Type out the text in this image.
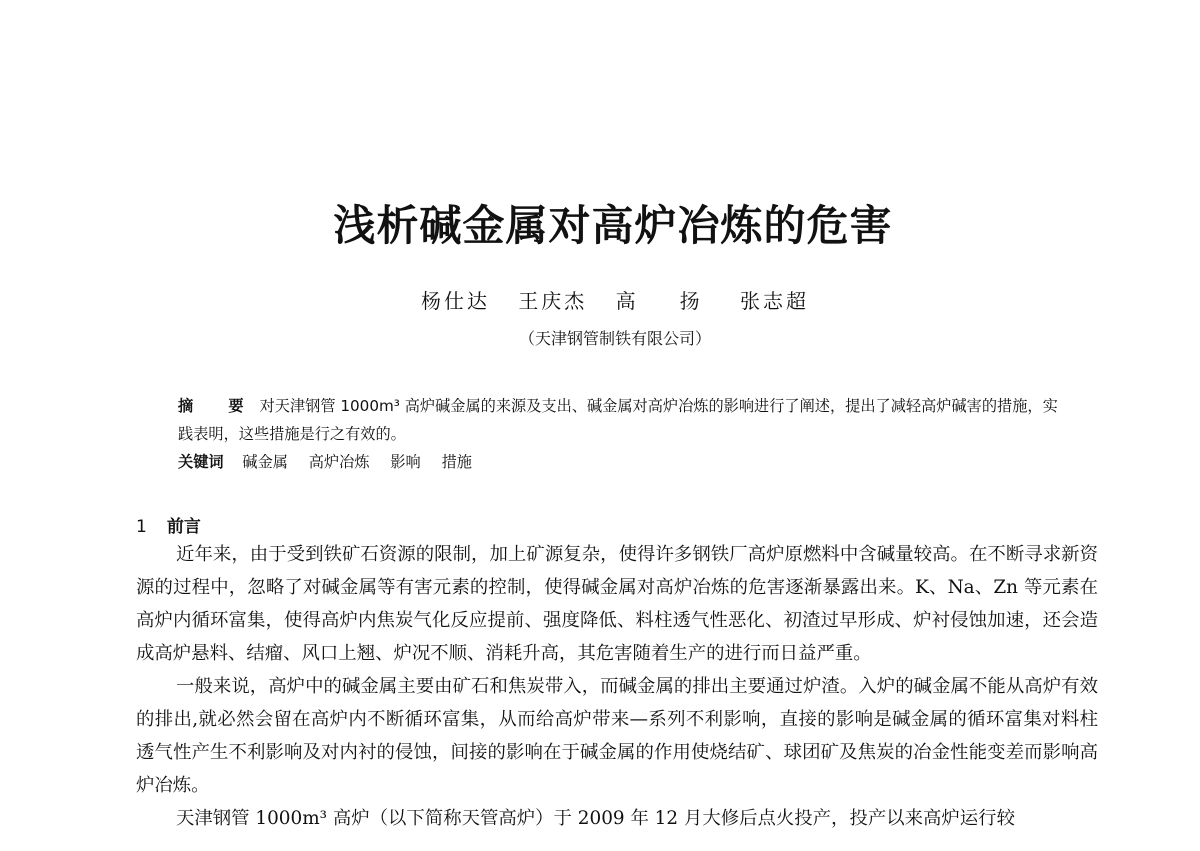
浅析碱金属对高炉冶炼的危害
杨仕达 王庆杰 高　扬 张志超
（天津钢管制铁有限公司）
摘　要 对天津钢管 1000m³ 高炉碱金属的来源及支出、碱金属对高炉冶炼的影响进行了阐述，提出了减轻高炉碱害的措施，实践表明，这些措施是行之有效的。
关键词 碱金属 高炉冶炼 影响 措施
1 前言

近年来，由于受到铁矿石资源的限制，加上矿源复杂，使得许多钢铁厂高炉原燃料中含碱量较高。在不断寻求新资源的过程中，忽略了对碱金属等有害元素的控制，使得碱金属对高炉冶炼的危害逐渐暴露出来。K、Na、Zn 等元素在高炉内循环富集，使得高炉内焦炭气化反应提前、强度降低、料柱透气性恶化、初渣过早形成、炉衬侵蚀加速，还会造成高炉悬料、结瘤、风口上翘、炉况不顺、消耗升高，其危害随着生产的进行而日益严重。

一般来说，高炉中的碱金属主要由矿石和焦炭带入，而碱金属的排出主要通过炉渣。入炉的碱金属不能从高炉有效的排出,就必然会留在高炉内不断循环富集，从而给高炉带来—系列不利影响，直接的影响是碱金属的循环富集对料柱透气性产生不利影响及对内衬的侵蚀，间接的影响在于碱金属的作用使烧结矿、球团矿及焦炭的冶金性能变差而影响高炉冶炼。

天津钢管 1000m³ 高炉（以下简称天管高炉）于 2009 年 12 月大修后点火投产，投产以来高炉运行较
